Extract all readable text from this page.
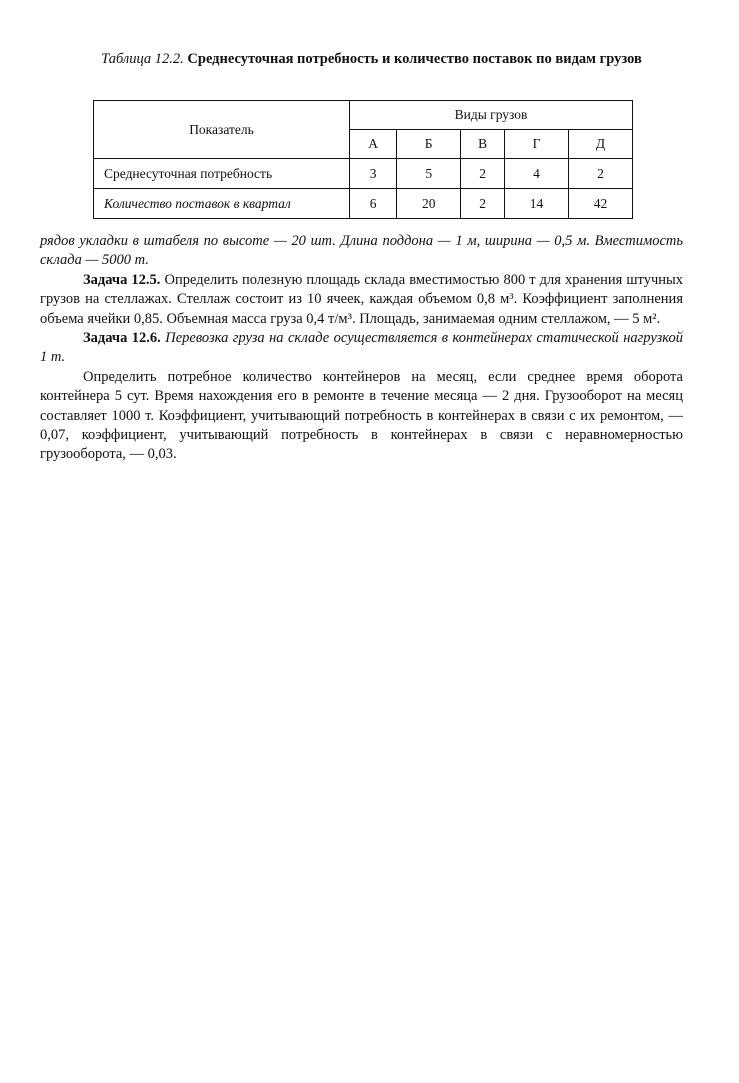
Таблица 12.2. Среднесуточная потребность и количество поставок по видам грузов
Показатель	Виды грузов				
	А	Б	В	Г	Д
Среднесуточная потребность	3	5	2	4	2
Количество поставок в квартал	6	20	2	14	42

рядов укладки в штабеля по высоте — 20 шт. Длина поддона — 1 м, ширина — 0,5 м. Вместимость склада — 5000 т.

Задача 12.5. Определить полезную площадь склада вместимостью 800 т для хранения штучных грузов на стеллажах. Стеллаж состоит из 10 ячеек, каждая объемом 0,8 м³. Коэффициент заполнения объема ячейки 0,85. Объемная масса груза 0,4 т/м³. Площадь, занимаемая одним стеллажом, — 5 м².

Задача 12.6. Перевозка груза на складе осуществляется в контейнерах статической нагрузкой 1 т.

Определить потребное количество контейнеров на месяц, если среднее время оборота контейнера 5 сут. Время нахождения его в ремонте в течение месяца — 2 дня. Грузооборот на месяц составляет 1000 т. Коэффициент, учитывающий потребность в контейнерах в связи с их ремонтом, — 0,07, коэффициент, учитывающий потребность в контейнерах в связи с неравномерностью грузооборота, — 0,03.
